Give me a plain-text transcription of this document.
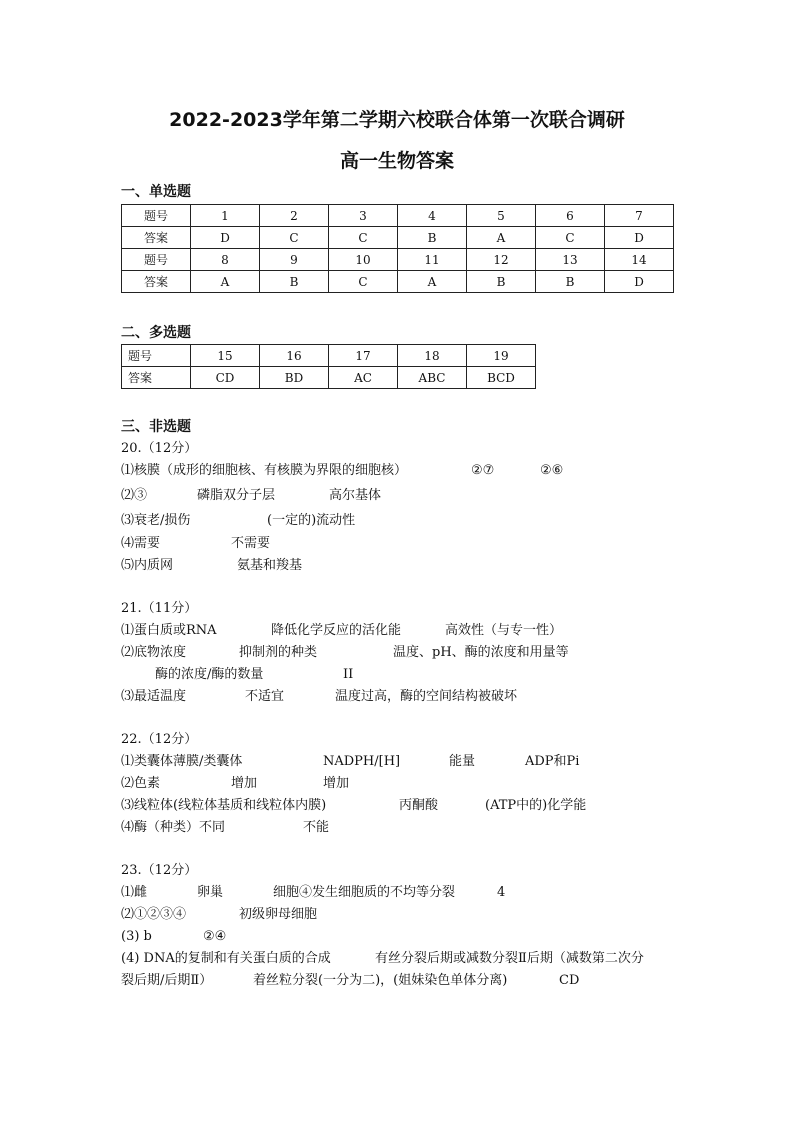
2022-2023学年第二学期六校联合体第一次联合调研
高一生物答案
一、单选题
题号	1	2	3	4	5	6	7
答案	D	C	C	B	A	C	D
题号	8	9	10	11	12	13	14
答案	A	B	C	A	B	B	D
二、多选题
题号	15	16	17	18	19
答案	CD	BD	AC	ABC	BCD
三、非选题
20.（12分）
⑴核膜（成形的细胞核、有核膜为界限的细胞核）	②⑦	②⑥
⑵③	磷脂双分子层	高尔基体
⑶衰老/损伤	(一定的)流动性
⑷需要	不需要
⑸内质网	氨基和羧基
21.（11分）
⑴蛋白质或RNA	降低化学反应的活化能	高效性（与专一性）
⑵底物浓度	抑制剂的种类	温度、pH、酶的浓度和用量等
酶的浓度/酶的数量	II
⑶最适温度	不适宜	温度过高，酶的空间结构被破坏
22.（12分）
⑴类囊体薄膜/类囊体	NADPH/[H]	能量	ADP和Pi
⑵色素	增加	增加
⑶线粒体(线粒体基质和线粒体内膜)	丙酮酸	(ATP中的)化学能
⑷酶（种类）不同	不能
23.（12分）
⑴雌	卵巢	细胞④发生细胞质的不均等分裂	4
⑵①②③④	初级卵母细胞
(3) b	②④
(4) DNA的复制和有关蛋白质的合成	有丝分裂后期或减数分裂Ⅱ后期（减数第二次分
裂后期/后期Ⅱ）	着丝粒分裂(一分为二)，(姐妹染色单体分离)	CD
